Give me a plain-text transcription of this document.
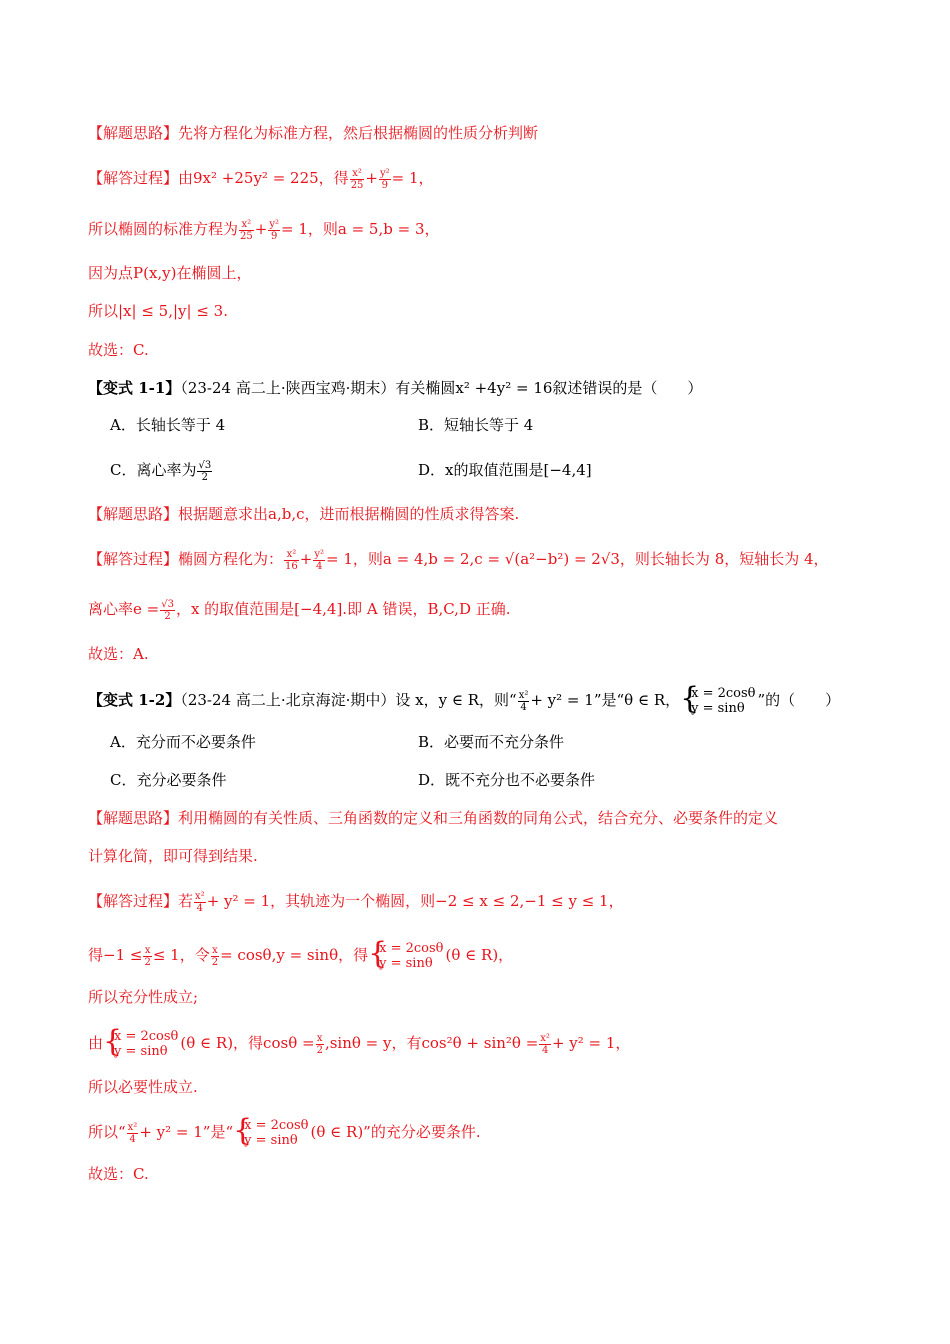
【解题思路】先将方程化为标准方程，然后根据椭圆的性质分析判断
【解答过程】由9x² +25y² = 225，得 $\frac{\text{x²}}{25} + \frac{\text{y²}}{9} = 1$，
所以椭圆的标准方程为 $\frac{\text{x²}}{25} + \frac{\text{y²}}{9} = 1$，则a = 5,b = 3，
因为点P(x,y)在椭圆上，
所以|x| ≤ 5,|y| ≤ 3.
故选：C.
【变式 1-1】（23-24 高二上·陕西宝鸡·期末）有关椭圆x² +4y² = 16叙述错误的是（　　）
A．长轴长等于 4	B．短轴长等于 4
C．离心率为 $\frac{√3}{2}$	D．x的取值范围是[−4,4]
【解题思路】根据题意求出a,b,c，进而根据椭圆的性质求得答案.
【解答过程】椭圆方程化为： $\frac{\text{x²}}{16} + \frac{\text{y²}}{4} = 1$，则a = 4,b = 2,c = √(a²−b²) = 2√3，则长轴长为 8，短轴长为 4，
离心率$e = \frac{√3}{2}$ ，x 的取值范围是[−4,4].即 A 错误，B,C,D 正确.
故选：A.
【变式 1-2】（23-24 高二上·北京海淀·期中）设 x，y ∈ R，则“ $\frac{\text{x²}}{4} + y^2 = 1$”是“θ ∈ R， { x = 2cosθ
y = sinθ ”的（　　）
A．充分而不必要条件	B．必要而不充分条件
C．充分必要条件	D．既不充分也不必要条件
【解题思路】利用椭圆的有关性质、三角函数的定义和三角函数的同角公式，结合充分、必要条件的定义
计算化简，即可得到结果.
【解答过程】若 $\frac{\text{x²}}{4} + y^2 = 1$，其轨迹为一个椭圆，则−2 ≤ x ≤ 2,−1 ≤ y ≤ 1，
得$-1 \le \frac{x}{2} \le 1$，令 $\frac{x}{2} = \cos\theta,y = \sin\theta$，得 { x = 2cosθ
y = sinθ (θ ∈ R)，
所以充分性成立;
由 { x = 2cosθ
y = sinθ (θ ∈ R)，得$\cos\theta = \frac{x}{2} ,\sin\theta = y$，有$\cos^2\theta + \sin^2\theta = \frac{\text{x²}}{4} + y^2 = 1$，
所以必要性成立.
所以“ $\frac{\text{x²}}{4} + y^2 = 1$”是“ { x = 2cosθ
y = sinθ (θ ∈ R)”的充分必要条件.
故选：C.
